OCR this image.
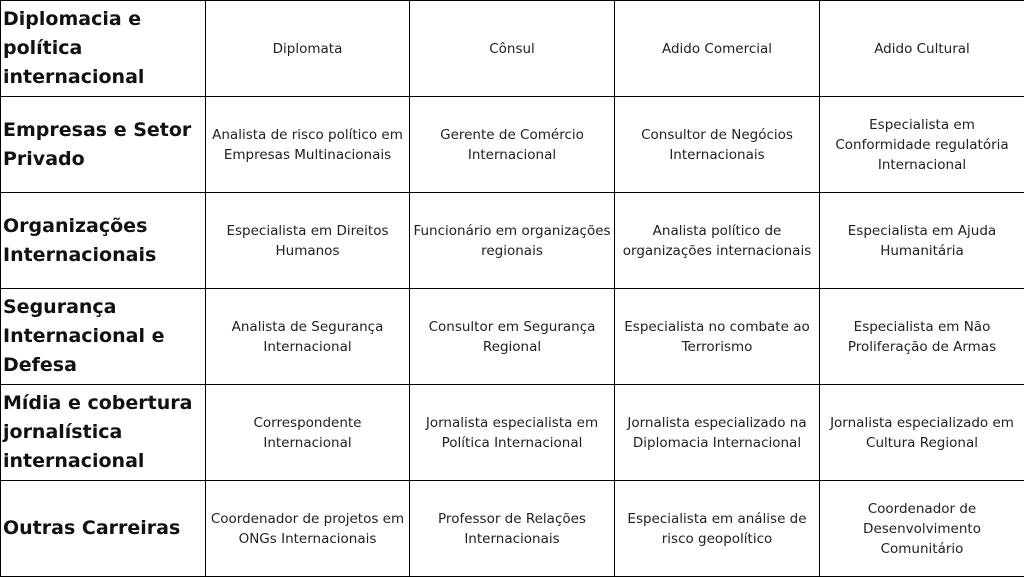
Diplomacia e política internacional	Diplomata	Cônsul	Adido Comercial	Adido Cultural
Empresas e Setor Privado	Analista de risco político em Empresas Multinacionais	Gerente de Comércio Internacional	Consultor de Negócios Internacionais	Especialista em Conformidade regulatória Internacional
Organizações Internacionais	Especialista em Direitos Humanos	Funcionário em organizações regionais	Analista político de organizações internacionais	Especialista em Ajuda Humanitária
Segurança Internacional e Defesa	Analista de Segurança Internacional	Consultor em Segurança Regional	Especialista no combate ao Terrorismo	Especialista em Não Proliferação de Armas
Mídia e cobertura jornalística internacional	Correspondente Internacional	Jornalista especialista em Política Internacional	Jornalista especializado na Diplomacia Internacional	Jornalista especializado em Cultura Regional
Outras Carreiras	Coordenador de projetos em ONGs Internacionais	Professor de Relações Internacionais	Especialista em análise de risco geopolítico	Coordenador de Desenvolvimento Comunitário
